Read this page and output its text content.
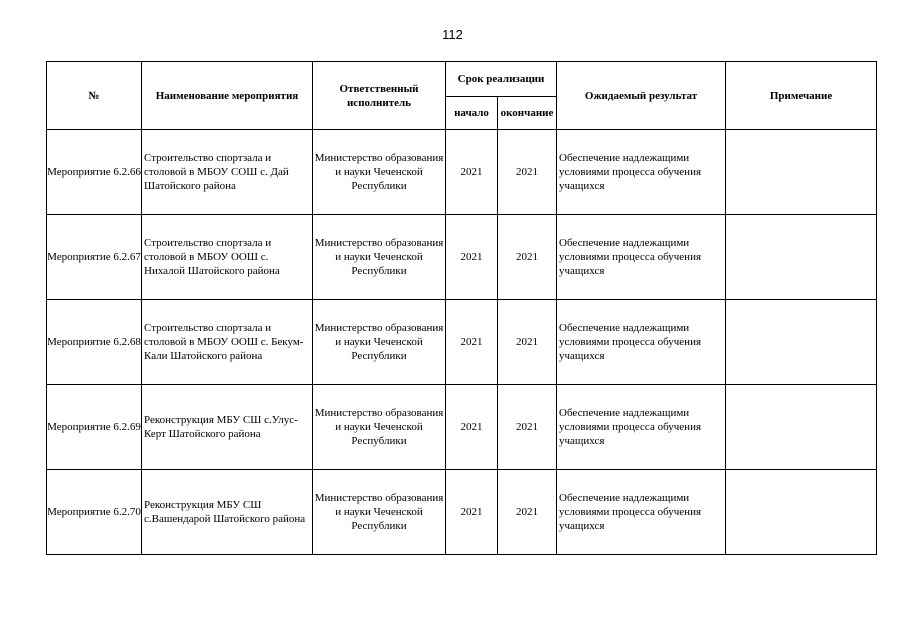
112
№	Наименование мероприятия	Ответственный исполнитель	Срок реализации		Ожидаемый результат	Примечание
			начало	окончание		
Мероприятие 6.2.66	Строительство спортзала и столовой в МБОУ СОШ с. Дай Шатойского района	Министерство образования и науки Чеченской Республики	2021	2021	Обеспечение надлежащими условиями процесса обучения учащихся	
Мероприятие 6.2.67	Строительство спортзала и столовой в МБОУ ООШ с. Нихалой Шатойского района	Министерство образования и науки Чеченской Республики	2021	2021	Обеспечение надлежащими условиями процесса обучения учащихся	
Мероприятие 6.2.68	Строительство спортзала и столовой в МБОУ ООШ с. Бекум-Кали Шатойского района	Министерство образования и науки Чеченской Республики	2021	2021	Обеспечение надлежащими условиями процесса обучения учащихся	
Мероприятие 6.2.69	Реконструкция МБУ СШ с.Улус-Керт Шатойского района	Министерство образования и науки Чеченской Республики	2021	2021	Обеспечение надлежащими условиями процесса обучения учащихся	
Мероприятие 6.2.70	Реконструкция МБУ СШ с.Вашендарой Шатойского района	Министерство образования и науки Чеченской Республики	2021	2021	Обеспечение надлежащими условиями процесса обучения учащихся	
